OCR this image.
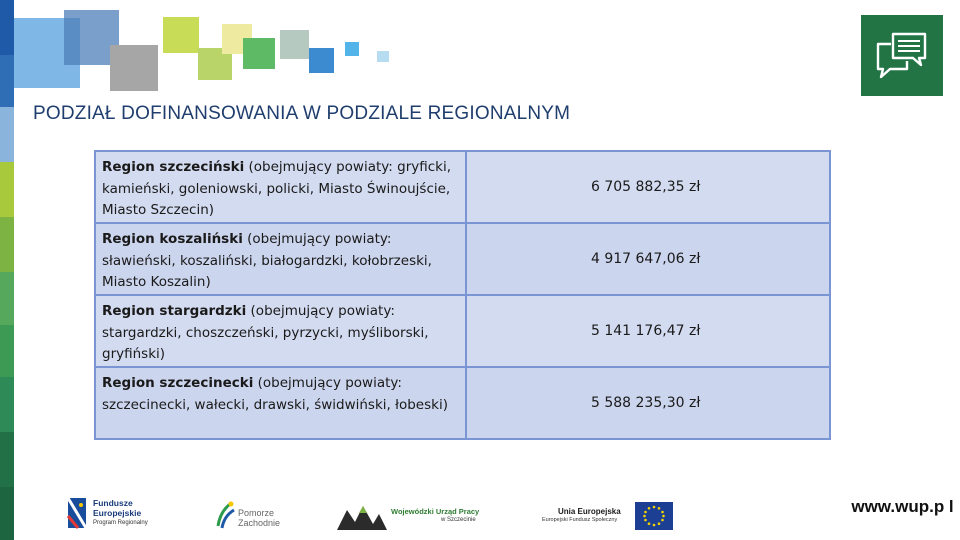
PODZIAŁ DOFINANSOWANIA W PODZIALE REGIONALNYM
Region szczeciński (obejmujący powiaty: gryficki, kamieński, goleniowski, policki, Miasto Świnoujście, Miasto Szczecin)
6 705 882,35 zł
Region koszaliński (obejmujący powiaty: sławieński, koszaliński, białogardzki, kołobrzeski, Miasto Koszalin)
4 917 647,06 zł
Region stargardzki (obejmujący powiaty: stargardzki, choszczeński, pyrzycki, myśliborski, gryfiński)
5 141 176,47 zł
Region szczecinecki (obejmujący powiaty: szczecinecki, wałecki, drawski, świdwiński, łobeski)	5 588 235,30 zł
Fundusze
Europejskie
Program Regionalny
Pomorze
Zachodnie
Wojewódzki Urząd Pracy
w Szczecinie
Unia Europejska
Europejski Fundusz Społeczny
www.wup.p l
